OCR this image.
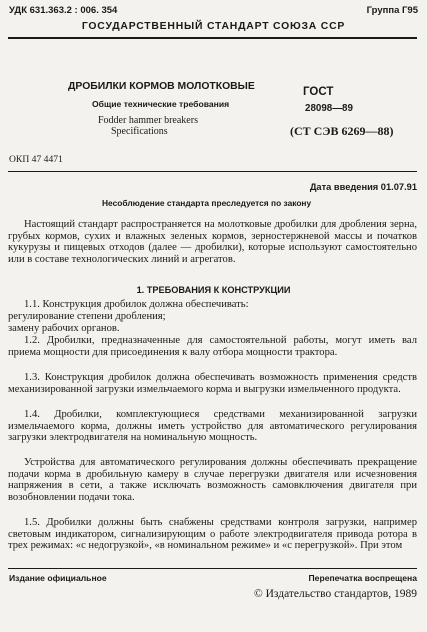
УДК 631.363.2 : 006. 354	Группа Г95
ГОСУДАРСТВЕННЫЙ СТАНДАРТ СОЮЗА ССР
ДРОБИЛКИ КОРМОВ МОЛОТКОВЫЕ
Общие технические требования
Fodder hammer breakers
Specifications
ГОСТ
28098—89
(СТ СЭВ 6269—88)
ОКП 47 4471
Дата введения 01.07.91
Несоблюдение стандарта преследуется по закону
Настоящий стандарт распространяется на молотковые дробилки для дробления зерна, грубых кормов, сухих и влажных зеленых кормов, зерностержневой массы и початков кукурузы и пищевых отходов (далее — дробилки), которые используют самостоятельно или в составе технологических линий и агрегатов.
1. ТРЕБОВАНИЯ К КОНСТРУКЦИИ
1.1. Конструкция дробилок должна обеспечивать:
регулирование степени дробления;
замену рабочих органов.
1.2. Дробилки, предназначенные для самостоятельной работы, могут иметь вал приема мощности для присоединения к валу отбора мощности трактора.
1.3. Конструкция дробилок должна обеспечивать возможность применения средств механизированной загрузки измельчаемого корма и выгрузки измельченного продукта.
1.4. Дробилки, комплектующиеся средствами механизированной загрузки измельчаемого корма, должны иметь устройство для автоматического регулирования загрузки электродвигателя на номинальную мощность.
Устройства для автоматического регулирования должны обеспечивать прекращение подачи корма в дробильную камеру в случае перегрузки двигателя или исчезновения напряжения в сети, а также исключать возможность самовключения двигателя при возобновлении подачи тока.
1.5. Дробилки должны быть снабжены средствами контроля загрузки, например световым индикатором, сигнализирующим о работе электродвигателя привода ротора в трех режимах: «с недогрузкой», «в номинальном режиме» и «с перегрузкой». При этом
Издание официальное	Перепечатка воспрещена
© Издательство стандартов, 1989
